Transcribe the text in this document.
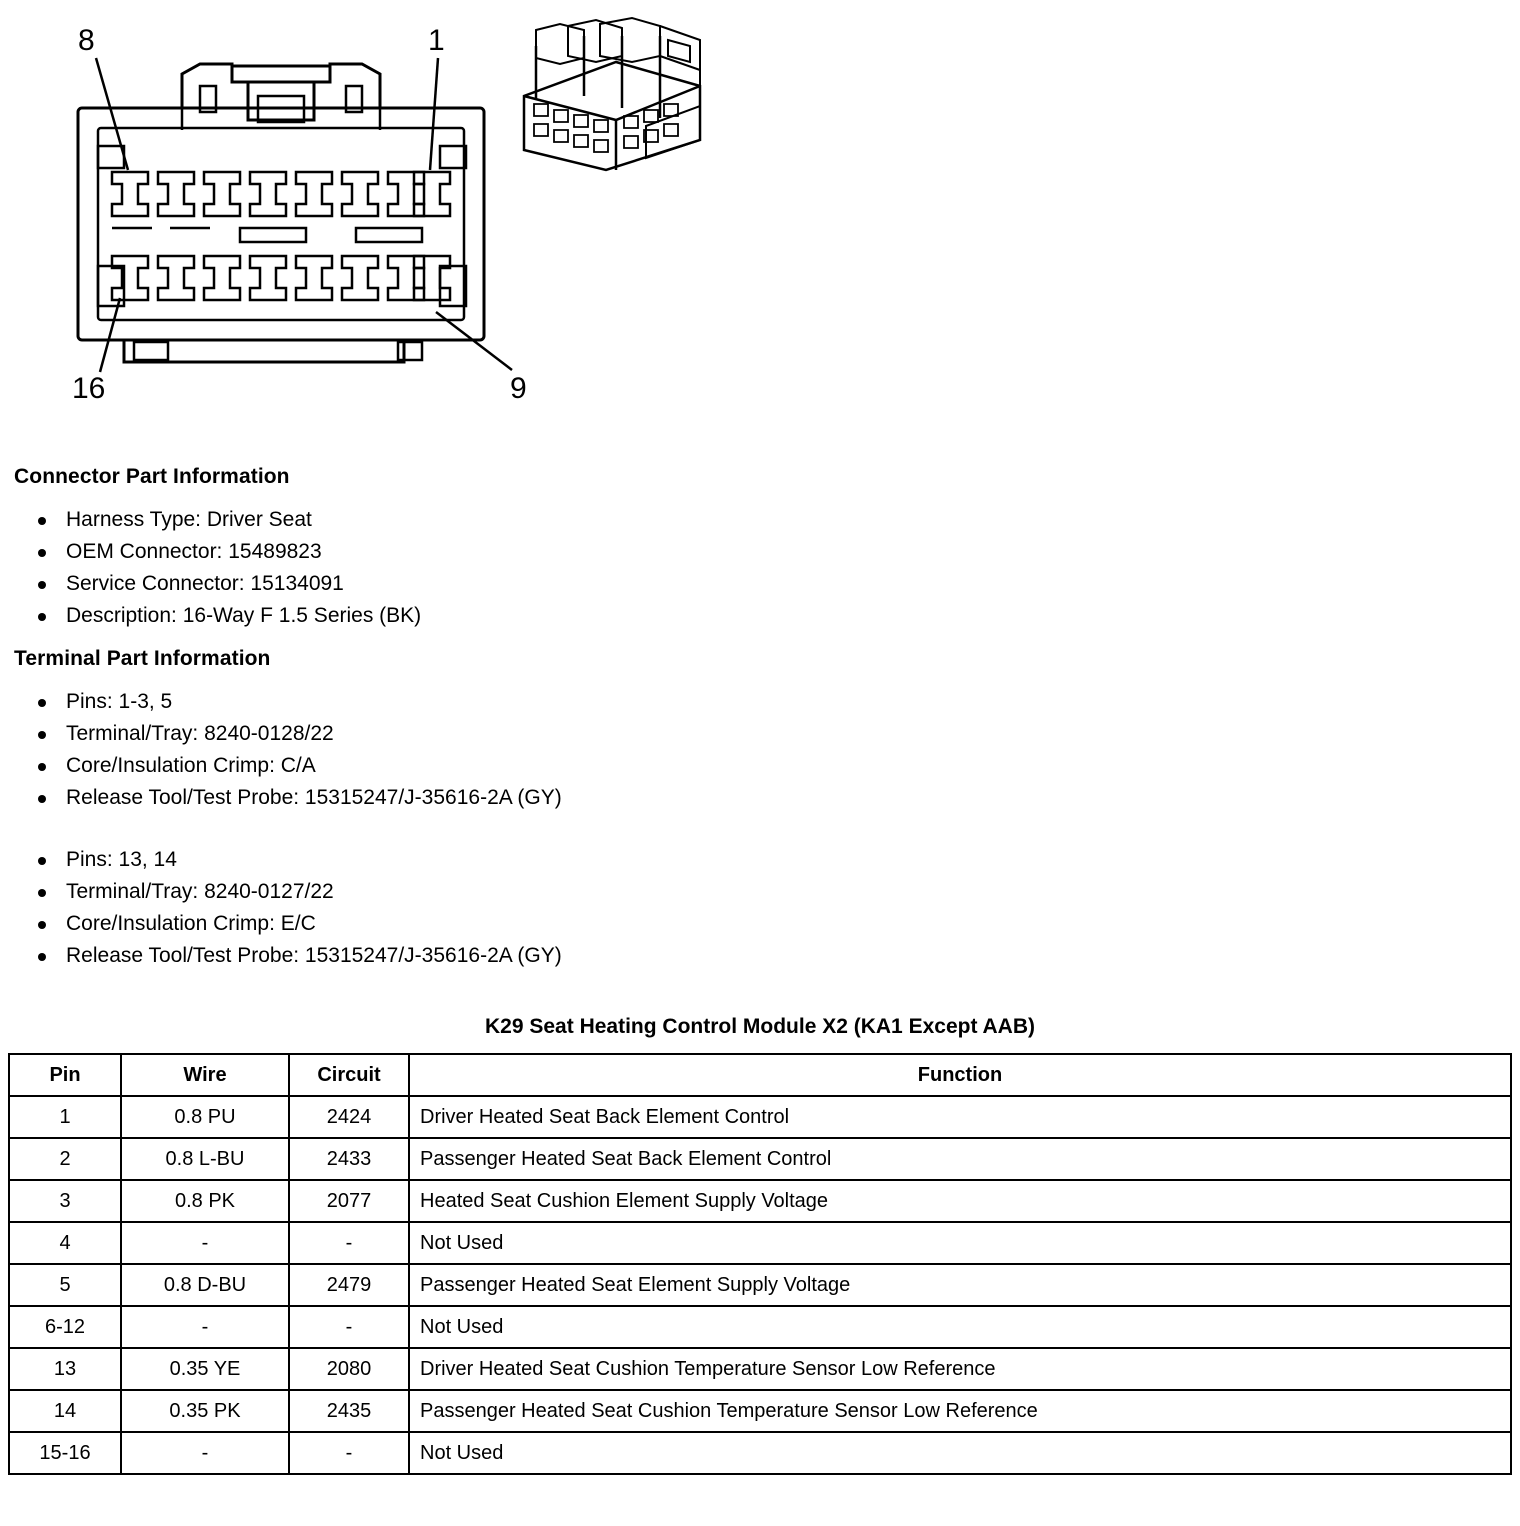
8	1
16	9
Connector Part Information
Harness Type: Driver Seat
OEM Connector: 15489823
Service Connector: 15134091
Description: 16-Way F 1.5 Series (BK)
Terminal Part Information
Pins: 1-3, 5
Terminal/Tray: 8240-0128/22
Core/Insulation Crimp: C/A
Release Tool/Test Probe: 15315247/J-35616-2A (GY)
Pins: 13, 14
Terminal/Tray: 8240-0127/22
Core/Insulation Crimp: E/C
Release Tool/Test Probe: 15315247/J-35616-2A (GY)
K29 Seat Heating Control Module X2 (KA1 Except AAB)
Pin	Wire	Circuit	Function
1	0.8 PU	2424	Driver Heated Seat Back Element Control
2	0.8 L-BU	2433	Passenger Heated Seat Back Element Control
3	0.8 PK	2077	Heated Seat Cushion Element Supply Voltage
4	-	-	Not Used
5	0.8 D-BU	2479	Passenger Heated Seat Element Supply Voltage
6-12	-	-	Not Used
13	0.35 YE	2080	Driver Heated Seat Cushion Temperature Sensor Low Reference
14	0.35 PK	2435	Passenger Heated Seat Cushion Temperature Sensor Low Reference
15-16	-	-	Not Used
